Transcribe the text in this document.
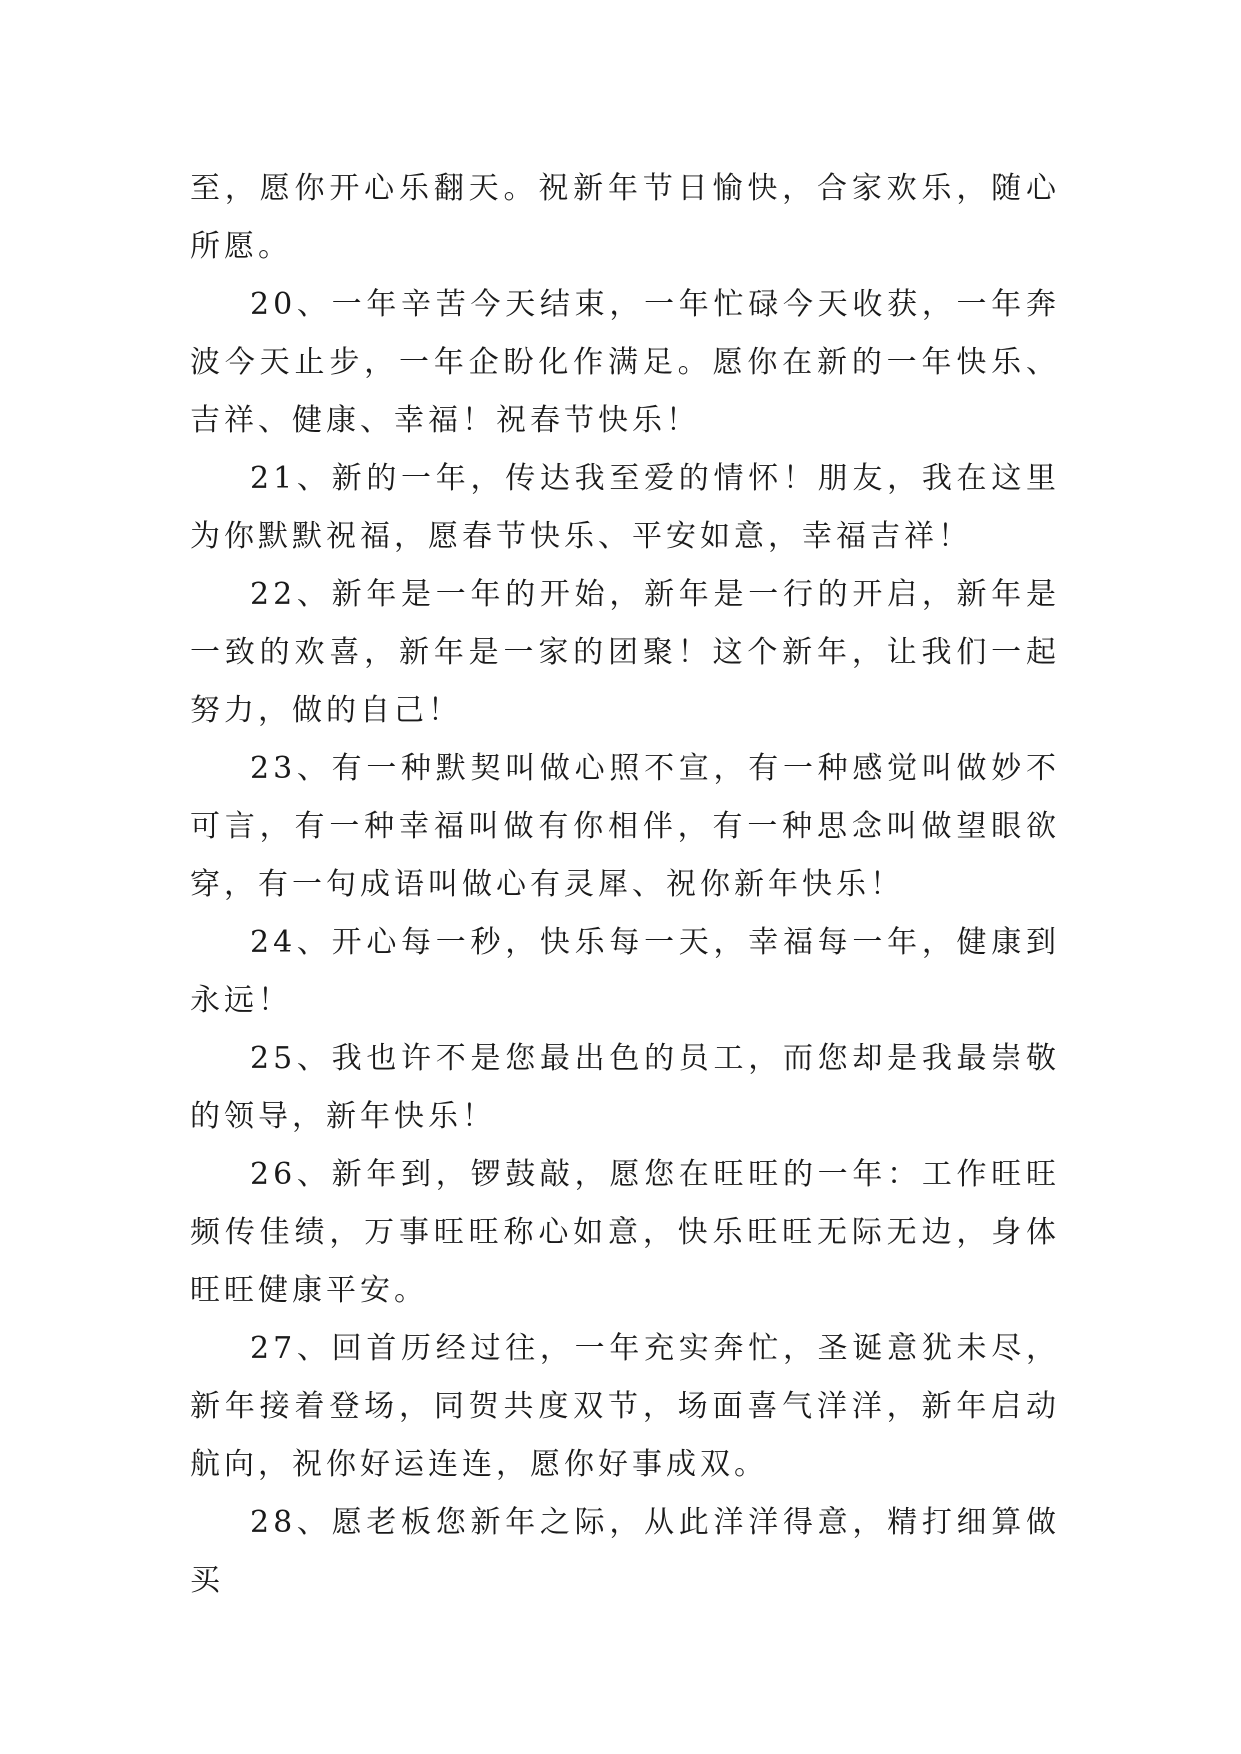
至，愿你开心乐翻天。祝新年节日愉快，合家欢乐，随心所愿。

20、一年辛苦今天结束，一年忙碌今天收获，一年奔波今天止步，一年企盼化作满足。愿你在新的一年快乐、吉祥、健康、幸福！祝春节快乐！

21、新的一年，传达我至爱的情怀！朋友，我在这里为你默默祝福，愿春节快乐、平安如意，幸福吉祥！

22、新年是一年的开始，新年是一行的开启，新年是一致的欢喜，新年是一家的团聚！这个新年，让我们一起努力，做的自己！

23、有一种默契叫做心照不宣，有一种感觉叫做妙不可言，有一种幸福叫做有你相伴，有一种思念叫做望眼欲穿，有一句成语叫做心有灵犀、祝你新年快乐！

24、开心每一秒，快乐每一天，幸福每一年，健康到永远！

25、我也许不是您最出色的员工，而您却是我最崇敬的领导，新年快乐！

26、新年到，锣鼓敲，愿您在旺旺的一年：工作旺旺频传佳绩，万事旺旺称心如意，快乐旺旺无际无边，身体旺旺健康平安。

27、回首历经过往，一年充实奔忙，圣诞意犹未尽，新年接着登场，同贺共度双节，场面喜气洋洋，新年启动航向，祝你好运连连，愿你好事成双。

28、愿老板您新年之际，从此洋洋得意，精打细算做买
